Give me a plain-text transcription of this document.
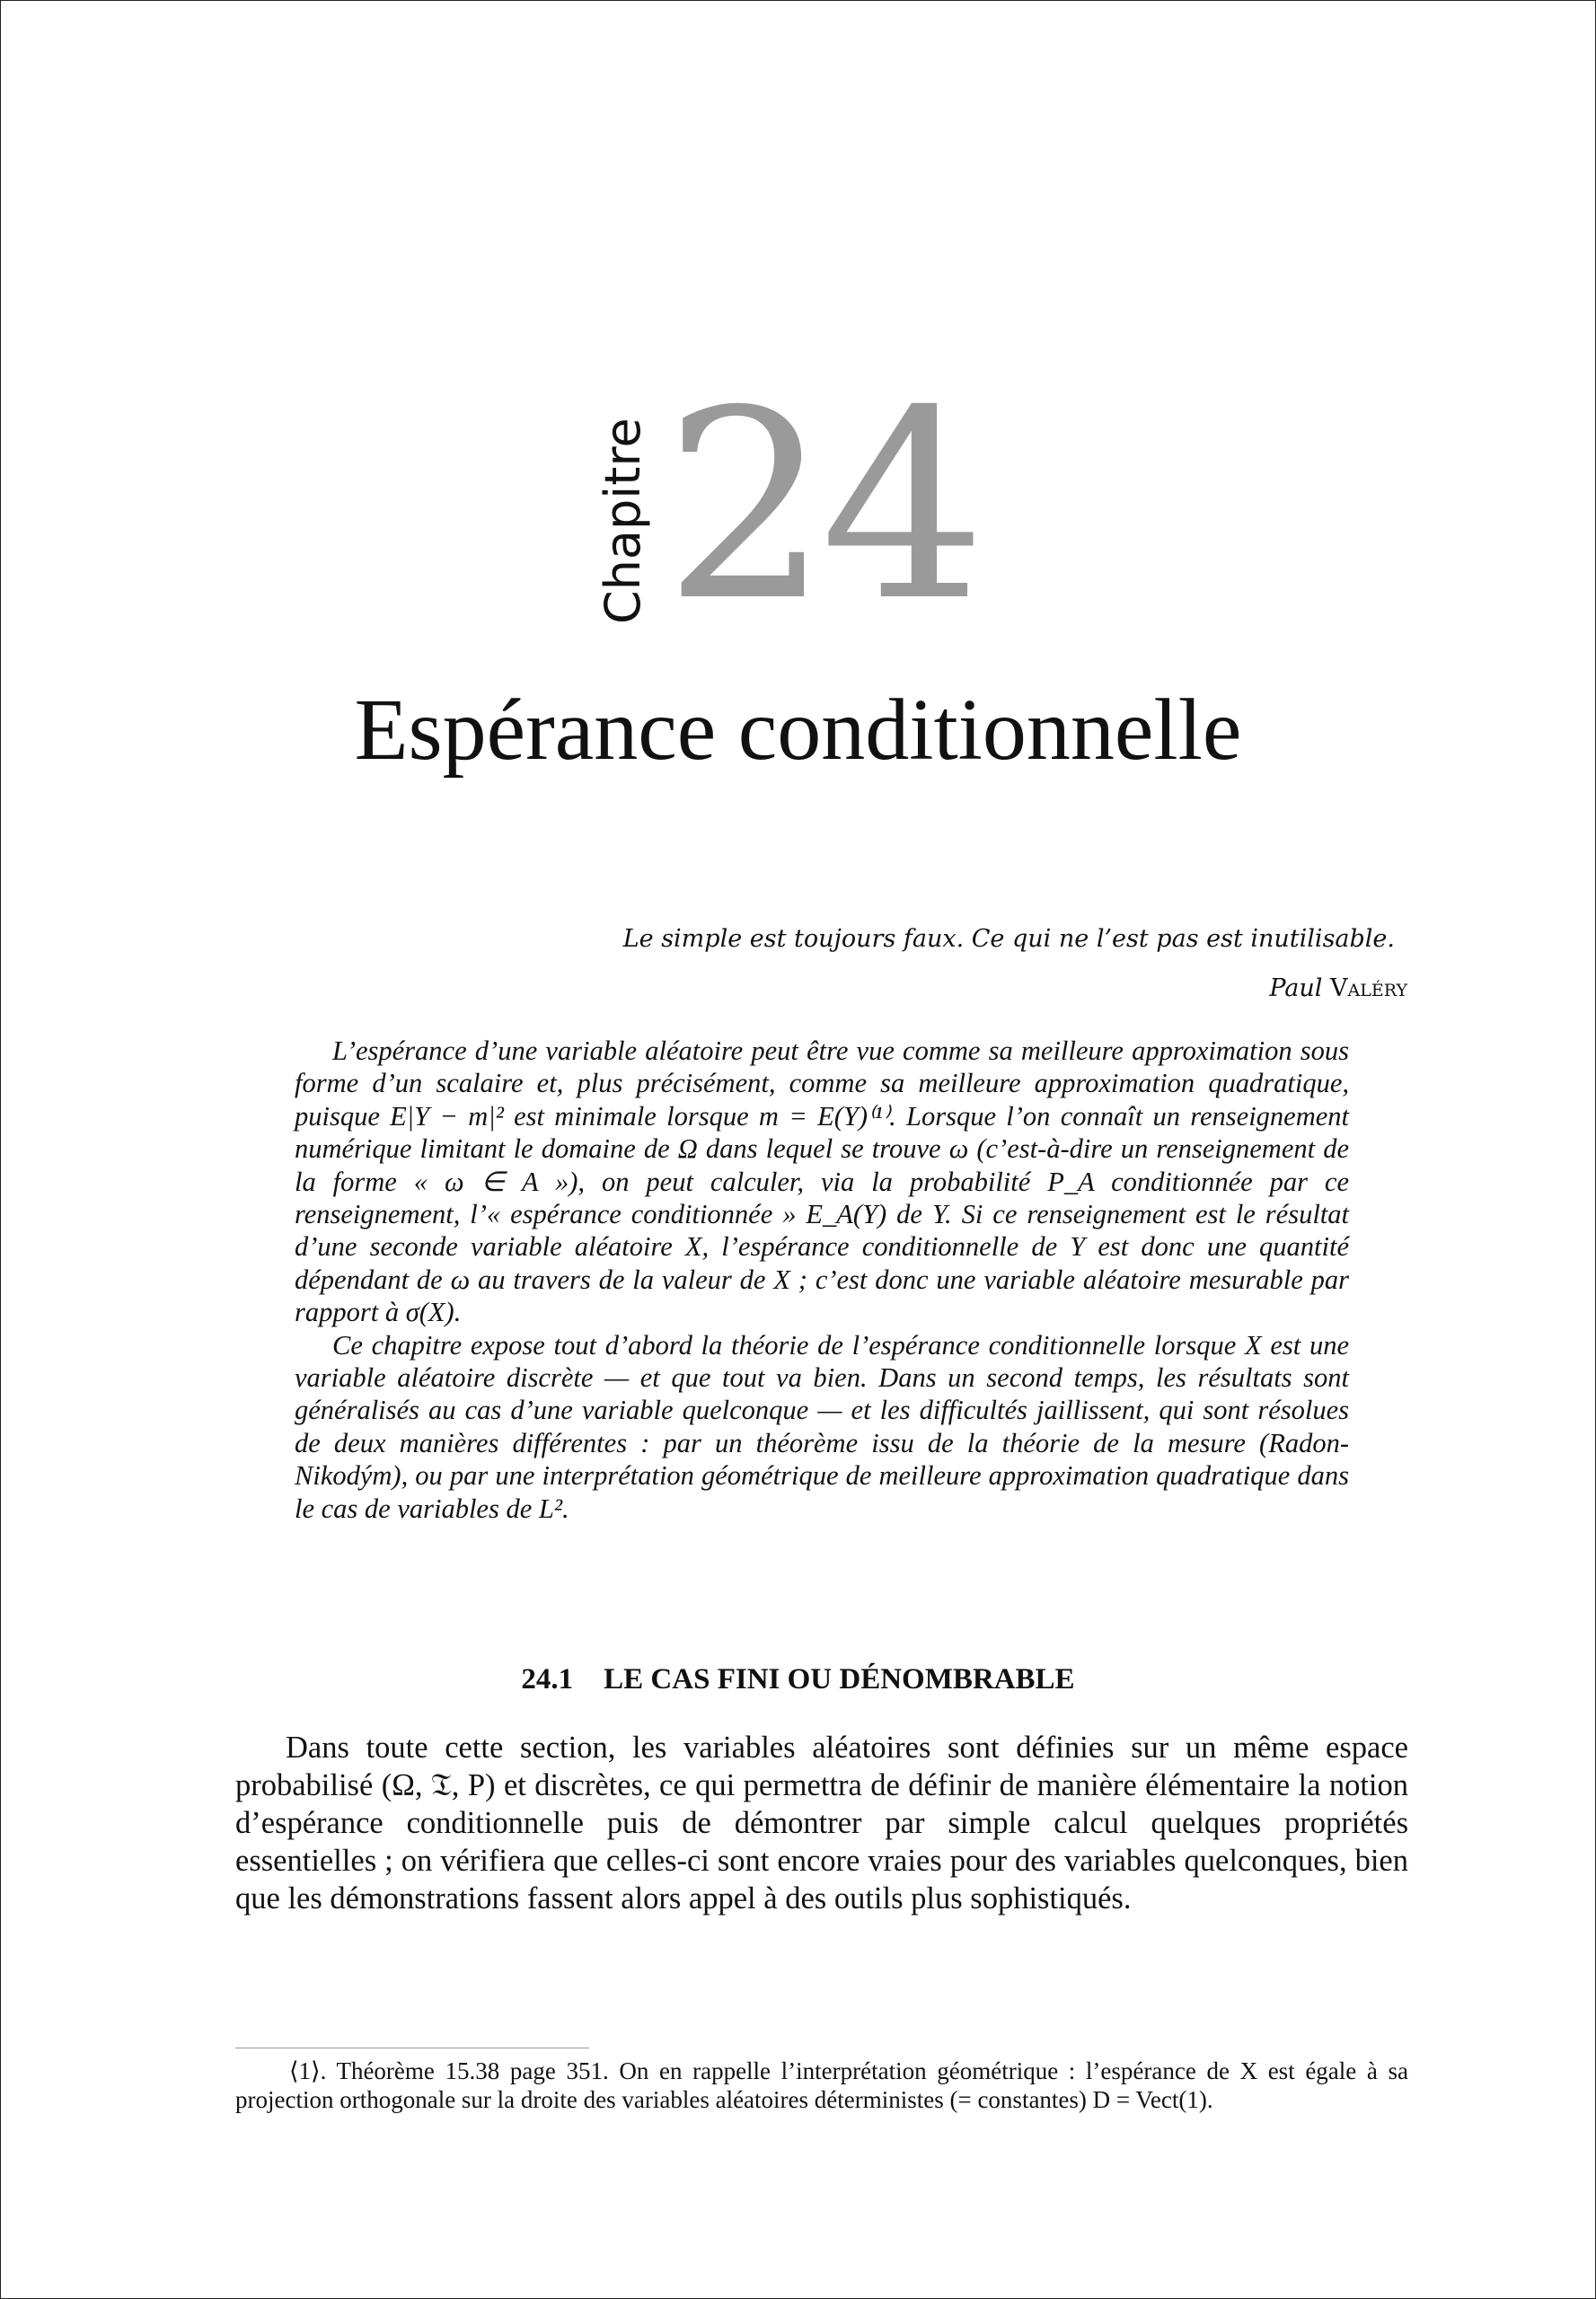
Chapitre 24
Espérance conditionnelle
Le simple est toujours faux. Ce qui ne l’est pas est inutilisable.
Paul Valéry

L’espérance d’une variable aléatoire peut être vue comme sa meilleure approximation sous forme d’un scalaire et, plus précisément, comme sa meilleure approximation quadratique, puisque E|Y − m|² est minimale lorsque m = E(Y)⁽¹⁾. Lorsque l’on connaît un renseignement numérique limitant le domaine de Ω dans lequel se trouve ω (c’est-à-dire un renseignement de la forme « ω ∈ A »), on peut calculer, via la probabilité P_A conditionnée par ce renseignement, l’« espérance conditionnée » E_A(Y) de Y. Si ce renseignement est le résultat d’une seconde variable aléatoire X, l’espérance conditionnelle de Y est donc une quantité dépendant de ω au travers de la valeur de X ; c’est donc une variable aléatoire mesurable par rapport à σ(X).

Ce chapitre expose tout d’abord la théorie de l’espérance conditionnelle lorsque X est une variable aléatoire discrète — et que tout va bien. Dans un second temps, les résultats sont généralisés au cas d’une variable quelconque — et les difficultés jaillissent, qui sont résolues de deux manières différentes : par un théorème issu de la théorie de la mesure (Radon-Nikodým), ou par une interprétation géométrique de meilleure approximation quadratique dans le cas de variables de L².

24.1 LE CAS FINI OU DÉNOMBRABLE

Dans toute cette section, les variables aléatoires sont définies sur un même espace probabilisé (Ω, 𝔗, P) et discrètes, ce qui permettra de définir de manière élémentaire la notion d’espérance conditionnelle puis de démontrer par simple calcul quelques propriétés essentielles ; on vérifiera que celles-ci sont encore vraies pour des variables quelconques, bien que les démonstrations fassent alors appel à des outils plus sophistiqués.

⟨1⟩. Théorème 15.38 page 351. On en rappelle l’interprétation géométrique : l’espérance de X est égale à sa projection orthogonale sur la droite des variables aléatoires déterministes (= constantes) D = Vect(1).
